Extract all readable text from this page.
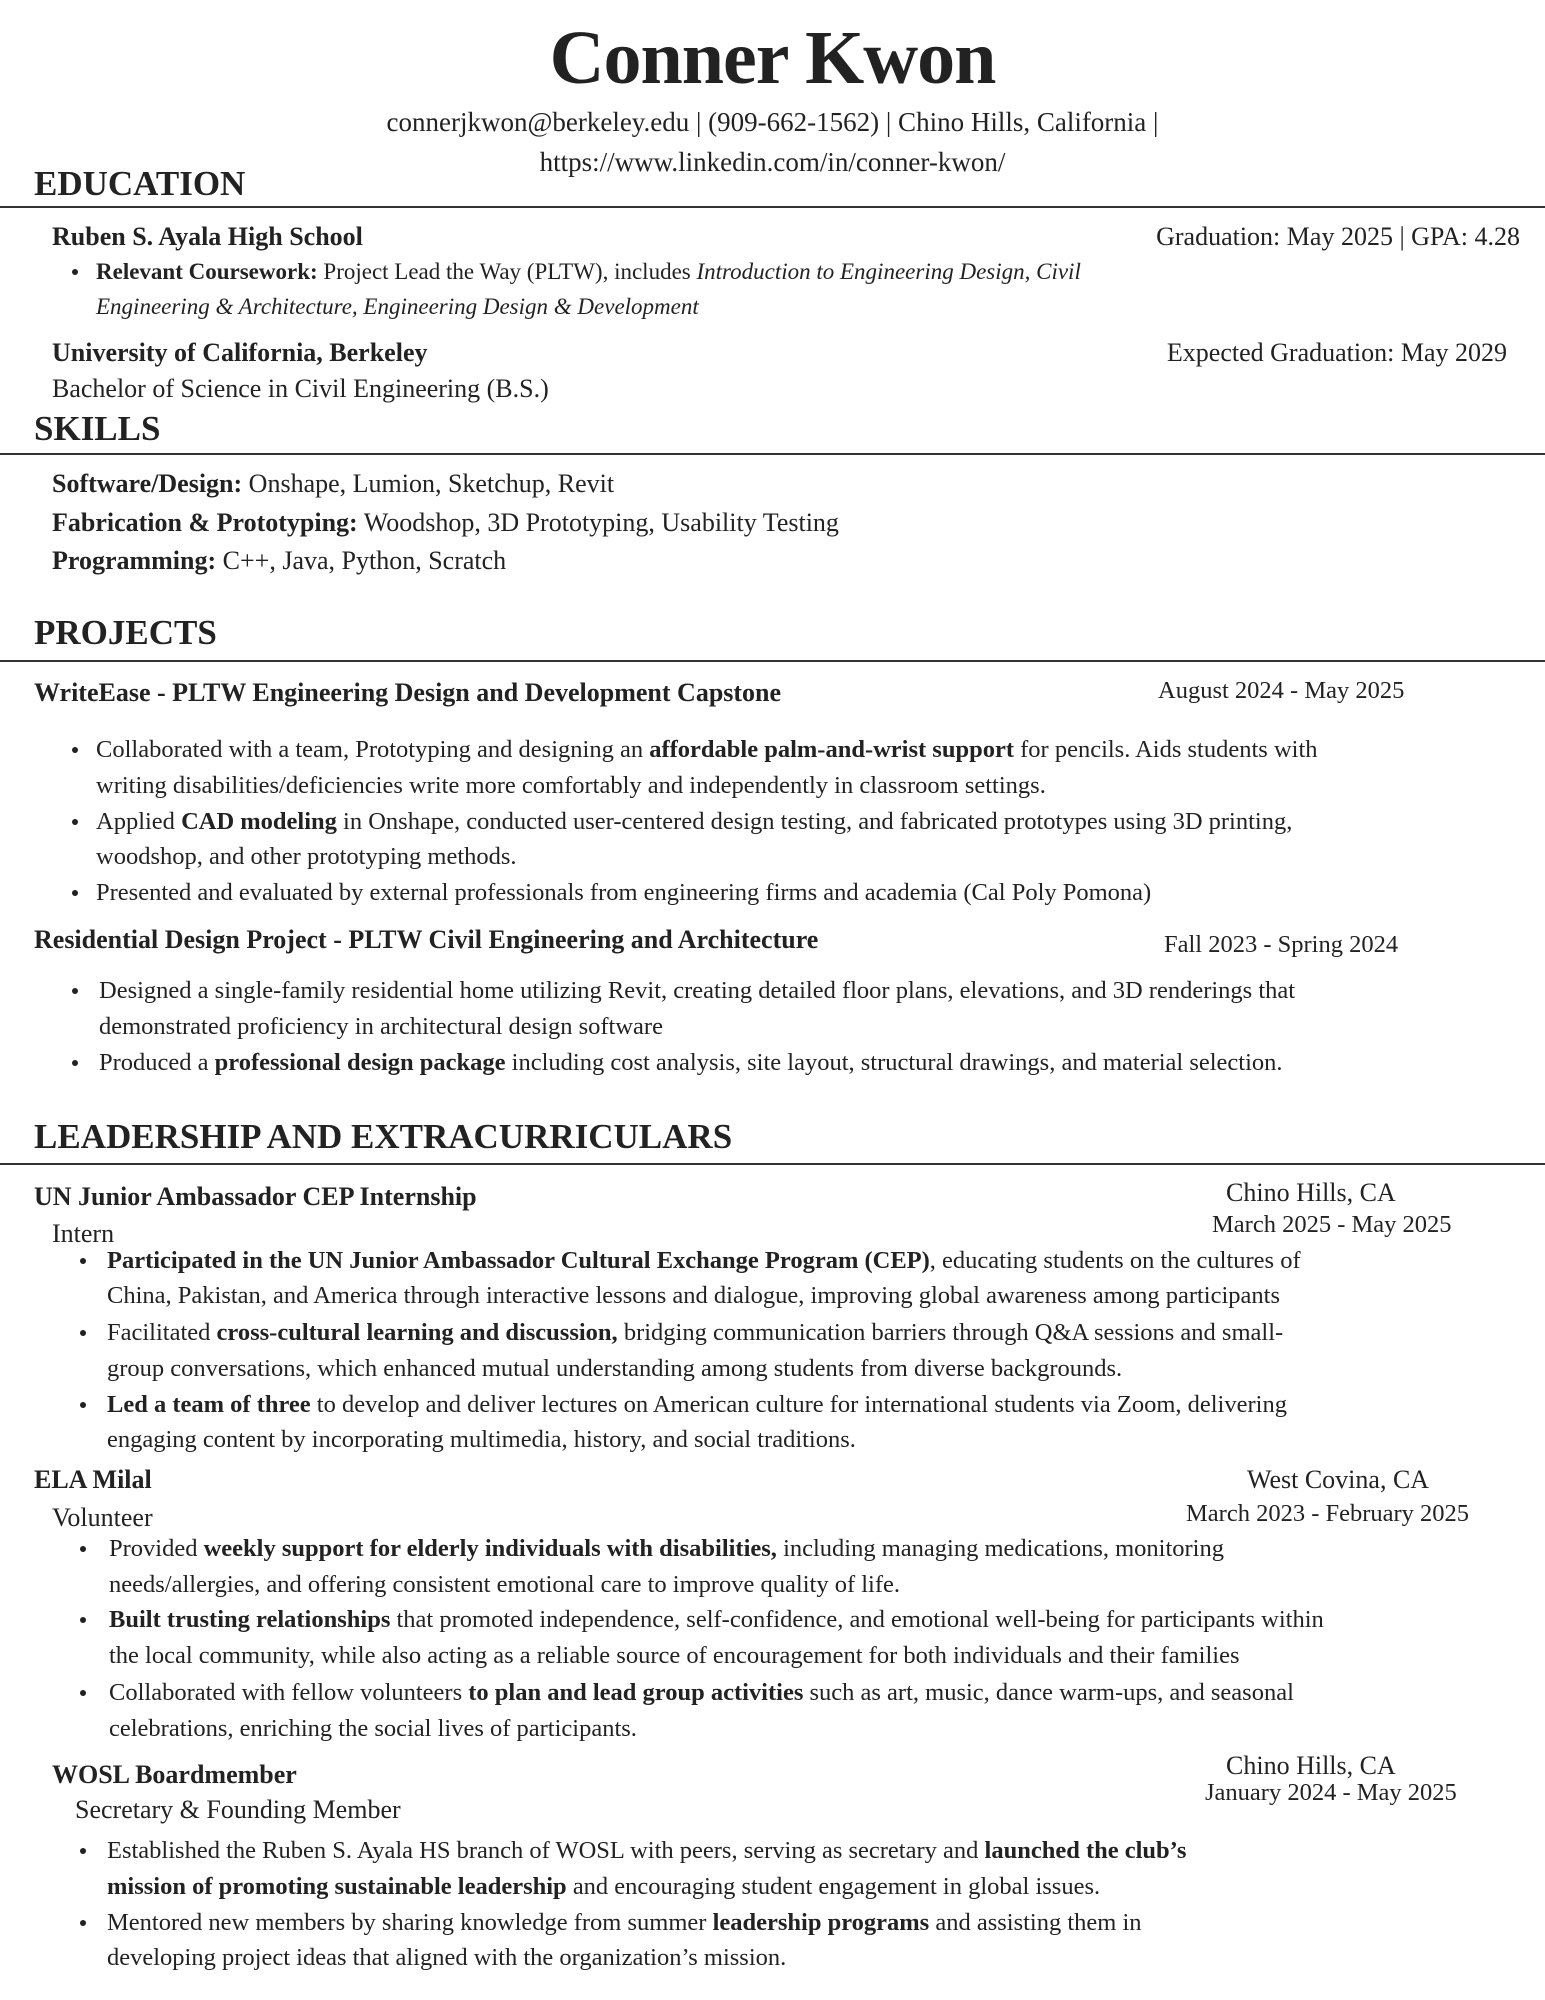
Conner Kwon
connerjkwon@berkeley.edu | (909-662-1562) | Chino Hills, California |
https://www.linkedin.com/in/conner-kwon/
EDUCATION
Ruben S. Ayala High School	Graduation: May 2025 | GPA: 4.28
Relevant Coursework: Project Lead the Way (PLTW), includes Introduction to Engineering Design, Civil
Engineering & Architecture, Engineering Design & Development
University of California, Berkeley	Expected Graduation: May 2029
Bachelor of Science in Civil Engineering (B.S.)
SKILLS
Software/Design: Onshape, Lumion, Sketchup, Revit
Fabrication & Prototyping: Woodshop, 3D Prototyping, Usability Testing
Programming: C++, Java, Python, Scratch
PROJECTS
WriteEase - PLTW Engineering Design and Development Capstone	August 2024 - May 2025
Collaborated with a team, Prototyping and designing an affordable palm-and-wrist support for pencils. Aids students with
writing disabilities/deficiencies write more comfortably and independently in classroom settings.
Applied CAD modeling in Onshape, conducted user-centered design testing, and fabricated prototypes using 3D printing,
woodshop, and other prototyping methods.
Presented and evaluated by external professionals from engineering firms and academia (Cal Poly Pomona)
Residential Design Project - PLTW Civil Engineering and Architecture	Fall 2023 - Spring 2024
Designed a single-family residential home utilizing Revit, creating detailed floor plans, elevations, and 3D renderings that
demonstrated proficiency in architectural design software
Produced a professional design package including cost analysis, site layout, structural drawings, and material selection.
LEADERSHIP AND EXTRACURRICULARS
UN Junior Ambassador CEP Internship	Chino Hills, CA
Intern	March 2025 - May 2025
Participated in the UN Junior Ambassador Cultural Exchange Program (CEP), educating students on the cultures of
China, Pakistan, and America through interactive lessons and dialogue, improving global awareness among participants
Facilitated cross-cultural learning and discussion, bridging communication barriers through Q&A sessions and small-
group conversations, which enhanced mutual understanding among students from diverse backgrounds.
Led a team of three to develop and deliver lectures on American culture for international students via Zoom, delivering
engaging content by incorporating multimedia, history, and social traditions.
ELA Milal	West Covina, CA
Volunteer	March 2023 - February 2025
Provided weekly support for elderly individuals with disabilities, including managing medications, monitoring
needs/allergies, and offering consistent emotional care to improve quality of life.
Built trusting relationships that promoted independence, self-confidence, and emotional well-being for participants within
the local community, while also acting as a reliable source of encouragement for both individuals and their families
Collaborated with fellow volunteers to plan and lead group activities such as art, music, dance warm-ups, and seasonal
celebrations, enriching the social lives of participants.
WOSL Boardmember	Chino Hills, CA
Secretary & Founding Member
January 2024 - May 2025
Established the Ruben S. Ayala HS branch of WOSL with peers, serving as secretary and launched the club’s
mission of promoting sustainable leadership and encouraging student engagement in global issues.
Mentored new members by sharing knowledge from summer leadership programs and assisting them in
developing project ideas that aligned with the organization’s mission.
